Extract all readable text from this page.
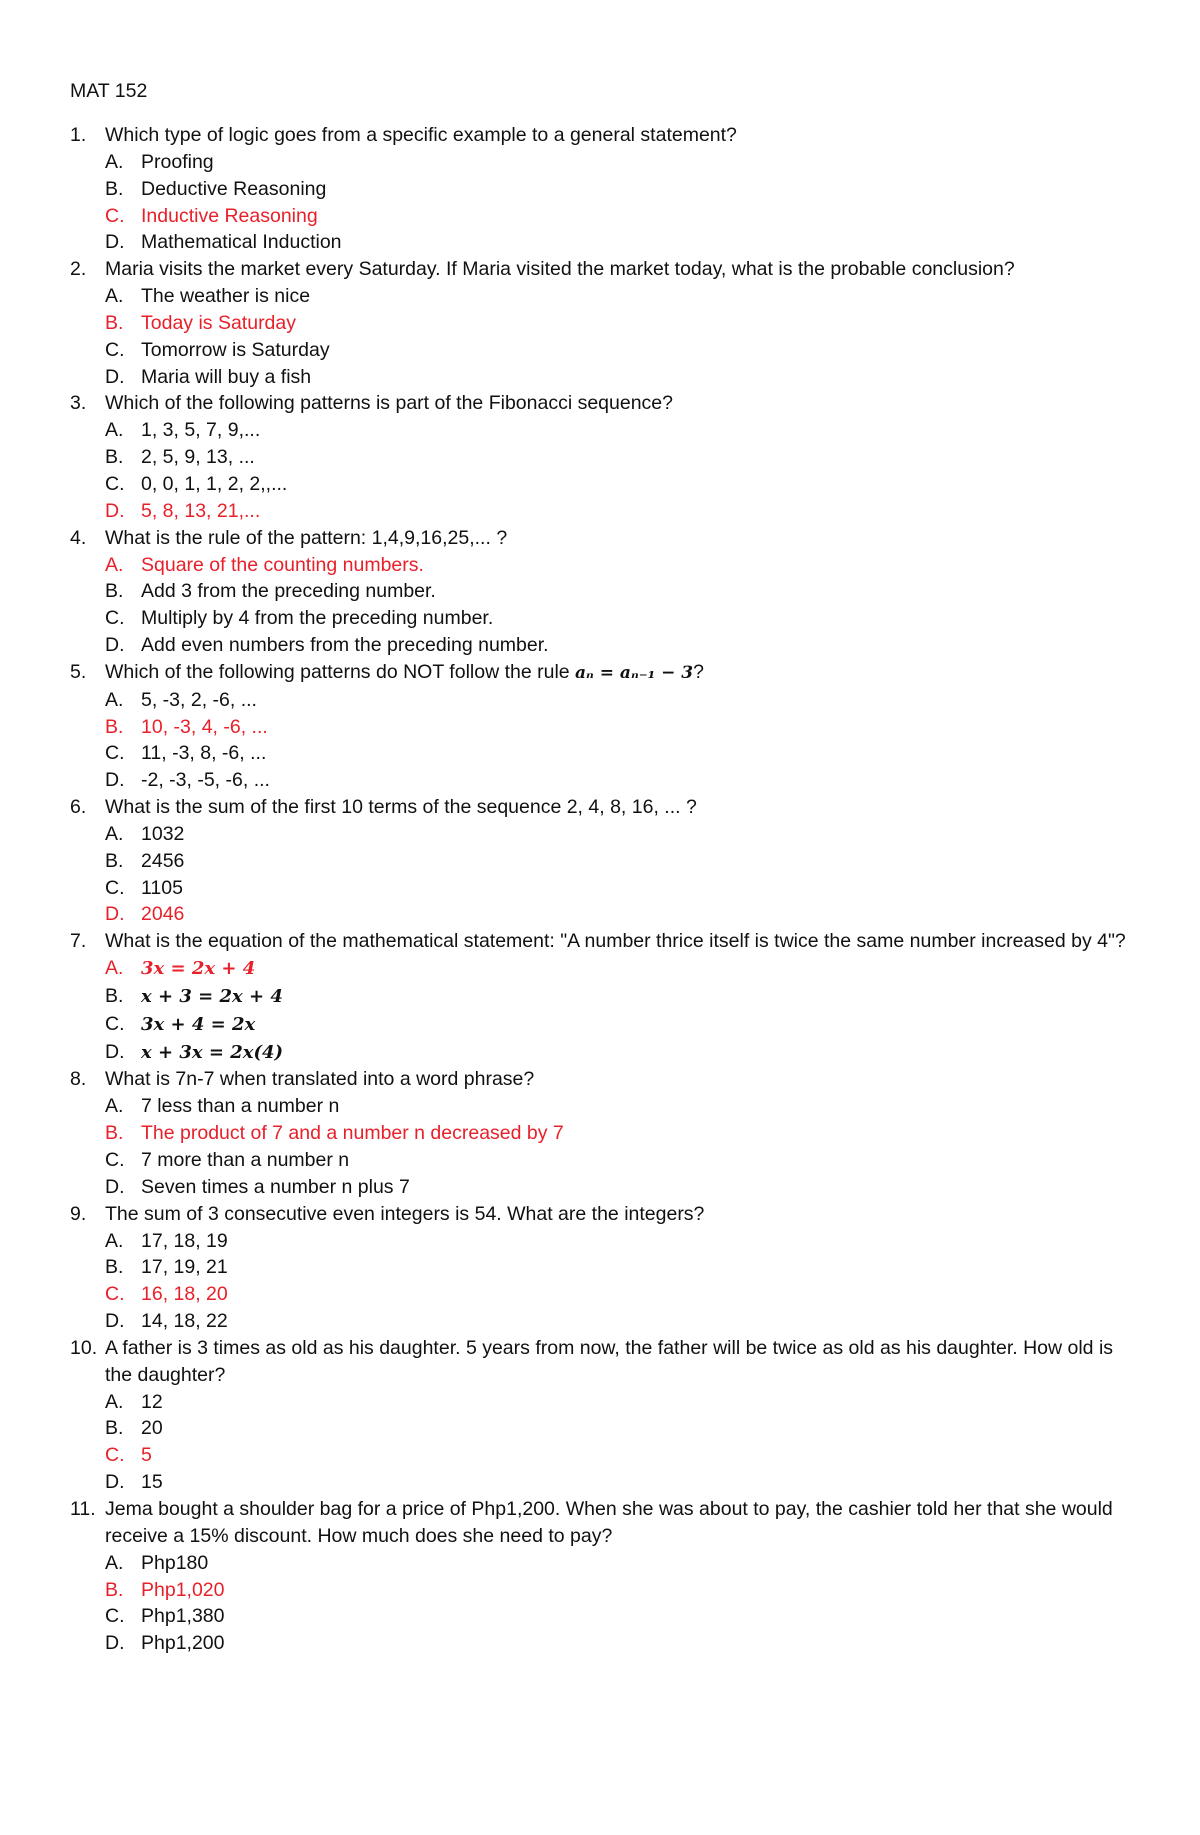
MAT 152
1. Which type of logic goes from a specific example to a general statement?
A. Proofing
B. Deductive Reasoning
C. Inductive Reasoning
D. Mathematical Induction
2. Maria visits the market every Saturday. If Maria visited the market today, what is the probable conclusion?
A. The weather is nice
B. Today is Saturday
C. Tomorrow is Saturday
D. Maria will buy a fish
3. Which of the following patterns is part of the Fibonacci sequence?
A. 1, 3, 5, 7, 9,...
B. 2, 5, 9, 13, ...
C. 0, 0, 1, 1, 2, 2,,...
D. 5, 8, 13, 21,...
4. What is the rule of the pattern: 1,4,9,16,25,... ?
A. Square of the counting numbers.
B. Add 3 from the preceding number.
C. Multiply by 4 from the preceding number.
D. Add even numbers from the preceding number.
5. Which of the following patterns do NOT follow the rule aₙ = aₙ₋₁ − 3?
A. 5, -3, 2, -6, ...
B. 10, -3, 4, -6, ...
C. 11, -3, 8, -6, ...
D. -2, -3, -5, -6, ...
6. What is the sum of the first 10 terms of the sequence 2, 4, 8, 16, ... ?
A. 1032
B. 2456
C. 1105
D. 2046
7. What is the equation of the mathematical statement: "A number thrice itself is twice the same number increased by 4"?
A. 3x = 2x + 4
B. x + 3 = 2x + 4
C. 3x + 4 = 2x
D. x + 3x = 2x(4)
8. What is 7n-7 when translated into a word phrase?
A. 7 less than a number n
B. The product of 7 and a number n decreased by 7
C. 7 more than a number n
D. Seven times a number n plus 7
9. The sum of 3 consecutive even integers is 54. What are the integers?
A. 17, 18, 19
B. 17, 19, 21
C. 16, 18, 20
D. 14, 18, 22
10. A father is 3 times as old as his daughter. 5 years from now, the father will be twice as old as his daughter. How old is the daughter?
A. 12
B. 20
C. 5
D. 15
11. Jema bought a shoulder bag for a price of Php1,200. When she was about to pay, the cashier told her that she would receive a 15% discount. How much does she need to pay?
A. Php180
B. Php1,020
C. Php1,380
D. Php1,200
